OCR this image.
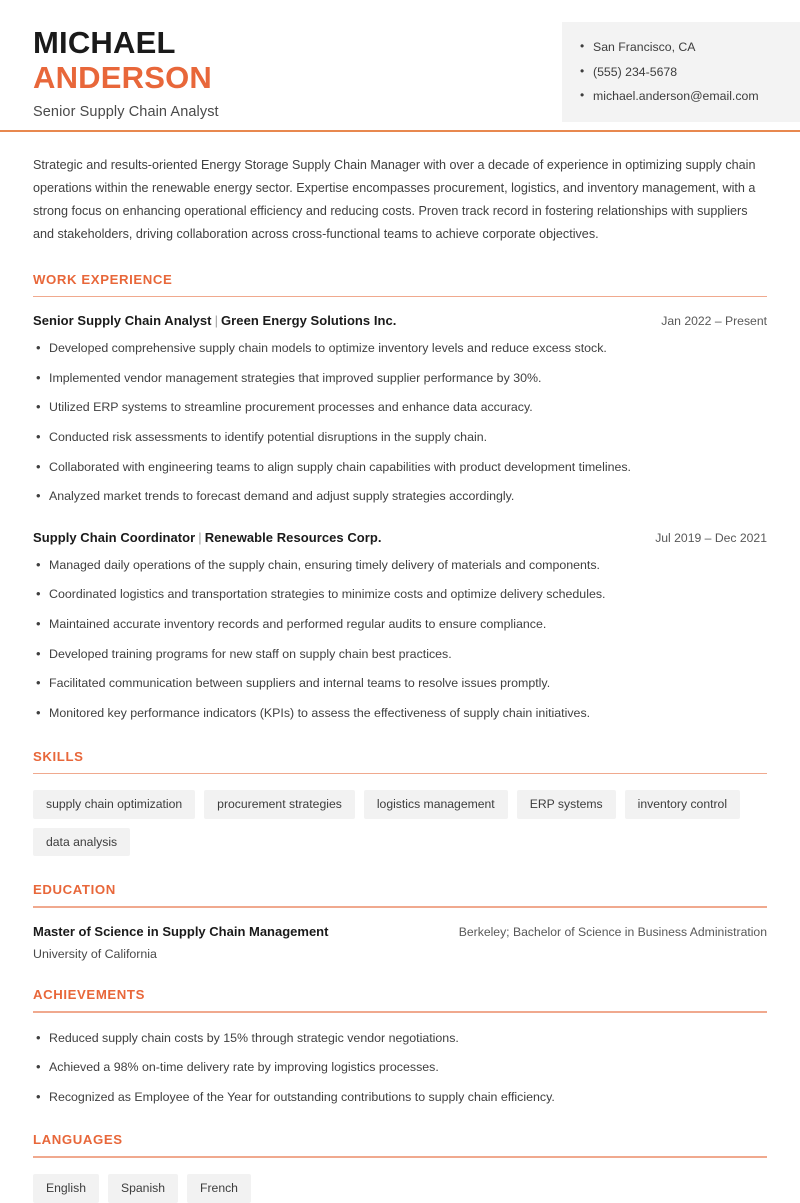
MICHAEL
ANDERSON
Senior Supply Chain Analyst
• San Francisco, CA
• (555) 234-5678
• michael.anderson@email.com

Strategic and results-oriented Energy Storage Supply Chain Manager with over a decade of experience in optimizing supply chain operations within the renewable energy sector. Expertise encompasses procurement, logistics, and inventory management, with a strong focus on enhancing operational efficiency and reducing costs. Proven track record in fostering relationships with suppliers and stakeholders, driving collaboration across cross-functional teams to achieve corporate objectives.

WORK EXPERIENCE
Senior Supply Chain Analyst | Green Energy Solutions Inc.	Jan 2022 – Present
• Developed comprehensive supply chain models to optimize inventory levels and reduce excess stock.
• Implemented vendor management strategies that improved supplier performance by 30%.
• Utilized ERP systems to streamline procurement processes and enhance data accuracy.
• Conducted risk assessments to identify potential disruptions in the supply chain.
• Collaborated with engineering teams to align supply chain capabilities with product development timelines.
• Analyzed market trends to forecast demand and adjust supply strategies accordingly.
Supply Chain Coordinator | Renewable Resources Corp.	Jul 2019 – Dec 2021
• Managed daily operations of the supply chain, ensuring timely delivery of materials and components.
• Coordinated logistics and transportation strategies to minimize costs and optimize delivery schedules.
• Maintained accurate inventory records and performed regular audits to ensure compliance.
• Developed training programs for new staff on supply chain best practices.
• Facilitated communication between suppliers and internal teams to resolve issues promptly.
• Monitored key performance indicators (KPIs) to assess the effectiveness of supply chain initiatives.
SKILLS
supply chain optimization	procurement strategies	logistics management	ERP systems	inventory control
data analysis
EDUCATION
Master of Science in Supply Chain Management	Berkeley; Bachelor of Science in Business Administration
University of California
ACHIEVEMENTS
• Reduced supply chain costs by 15% through strategic vendor negotiations.
• Achieved a 98% on-time delivery rate by improving logistics processes.
• Recognized as Employee of the Year for outstanding contributions to supply chain efficiency.
LANGUAGES
English	Spanish	French
